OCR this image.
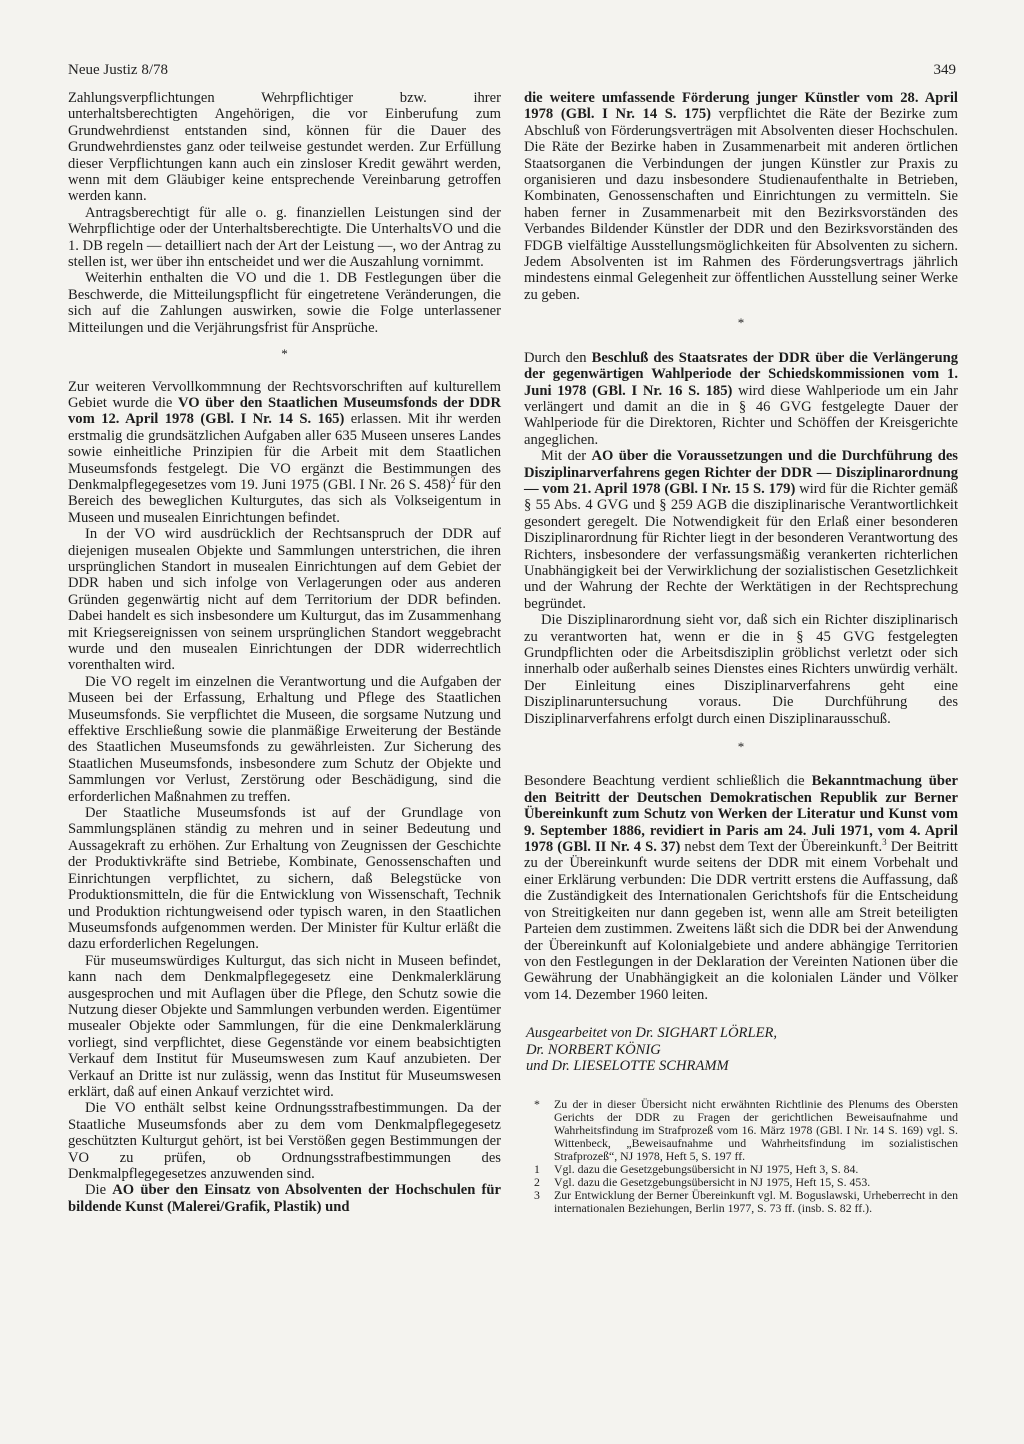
Neue Justiz 8/78	349

Zahlungsverpflichtungen Wehrpflichtiger bzw. ihrer unterhaltsberechtigten Angehörigen, die vor Einberufung zum Grundwehrdienst entstanden sind, können für die Dauer des Grundwehrdienstes ganz oder teilweise gestundet werden. Zur Erfüllung dieser Verpflichtungen kann auch ein zinsloser Kredit gewährt werden, wenn mit dem Gläubiger keine entsprechende Vereinbarung getroffen werden kann.

Antragsberechtigt für alle o. g. finanziellen Leistungen sind der Wehrpflichtige oder der Unterhaltsberechtigte. Die UnterhaltsVO und die 1. DB regeln — detailliert nach der Art der Leistung —, wo der Antrag zu stellen ist, wer über ihn entscheidet und wer die Auszahlung vornimmt.

Weiterhin enthalten die VO und die 1. DB Festlegungen über die Beschwerde, die Mitteilungspflicht für eingetretene Veränderungen, die sich auf die Zahlungen auswirken, sowie die Folge unterlassener Mitteilungen und die Verjährungsfrist für Ansprüche.

*

Zur weiteren Vervollkommnung der Rechtsvorschriften auf kulturellem Gebiet wurde die VO über den Staatlichen Museumsfonds der DDR vom 12. April 1978 (GBl. I Nr. 14 S. 165) erlassen. Mit ihr werden erstmalig die grundsätzlichen Aufgaben aller 635 Museen unseres Landes sowie einheitliche Prinzipien für die Arbeit mit dem Staatlichen Museumsfonds festgelegt. Die VO ergänzt die Bestimmungen des Denkmalpflegegesetzes vom 19. Juni 1975 (GBl. I Nr. 26 S. 458)$^2$ für den Bereich des beweglichen Kulturgutes, das sich als Volkseigentum in Museen und musealen Einrichtungen befindet.

In der VO wird ausdrücklich der Rechtsanspruch der DDR auf diejenigen musealen Objekte und Sammlungen unterstrichen, die ihren ursprünglichen Standort in musealen Einrichtungen auf dem Gebiet der DDR haben und sich infolge von Verlagerungen oder aus anderen Gründen gegenwärtig nicht auf dem Territorium der DDR befinden. Dabei handelt es sich insbesondere um Kulturgut, das im Zusammenhang mit Kriegsereignissen von seinem ursprünglichen Standort weggebracht wurde und den musealen Einrichtungen der DDR widerrechtlich vorenthalten wird.

Die VO regelt im einzelnen die Verantwortung und die Aufgaben der Museen bei der Erfassung, Erhaltung und Pflege des Staatlichen Museumsfonds. Sie verpflichtet die Museen, die sorgsame Nutzung und effektive Erschließung sowie die planmäßige Erweiterung der Bestände des Staatlichen Museumsfonds zu gewährleisten. Zur Sicherung des Staatlichen Museumsfonds, insbesondere zum Schutz der Objekte und Sammlungen vor Verlust, Zerstörung oder Beschädigung, sind die erforderlichen Maßnahmen zu treffen.

Der Staatliche Museumsfonds ist auf der Grundlage von Sammlungsplänen ständig zu mehren und in seiner Bedeutung und Aussagekraft zu erhöhen. Zur Erhaltung von Zeugnissen der Geschichte der Produktivkräfte sind Betriebe, Kombinate, Genossenschaften und Einrichtungen verpflichtet, zu sichern, daß Belegstücke von Produktionsmitteln, die für die Entwicklung von Wissenschaft, Technik und Produktion richtungweisend oder typisch waren, in den Staatlichen Museumsfonds aufgenommen werden. Der Minister für Kultur erläßt die dazu erforderlichen Regelungen.

Für museumswürdiges Kulturgut, das sich nicht in Museen befindet, kann nach dem Denkmalpflegegesetz eine Denkmalerklärung ausgesprochen und mit Auflagen über die Pflege, den Schutz sowie die Nutzung dieser Objekte und Sammlungen verbunden werden. Eigentümer musealer Objekte oder Sammlungen, für die eine Denkmalerklärung vorliegt, sind verpflichtet, diese Gegenstände vor einem beabsichtigten Verkauf dem Institut für Museumswesen zum Kauf anzubieten. Der Verkauf an Dritte ist nur zulässig, wenn das Institut für Museumswesen erklärt, daß auf einen Ankauf verzichtet wird.

Die VO enthält selbst keine Ordnungsstrafbestimmungen. Da der Staatliche Museumsfonds aber zu dem vom Denkmalpflegegesetz geschützten Kulturgut gehört, ist bei Verstößen gegen Bestimmungen der VO zu prüfen, ob Ordnungsstrafbestimmungen des Denkmalpflegegesetzes anzuwenden sind.

Die AO über den Einsatz von Absolventen der Hochschulen für bildende Kunst (Malerei/Grafik, Plastik) und

die weitere umfassende Förderung junger Künstler vom 28. April 1978 (GBl. I Nr. 14 S. 175) verpflichtet die Räte der Bezirke zum Abschluß von Förderungsverträgen mit Absolventen dieser Hochschulen. Die Räte der Bezirke haben in Zusammenarbeit mit anderen örtlichen Staatsorganen die Verbindungen der jungen Künstler zur Praxis zu organisieren und dazu insbesondere Studienaufenthalte in Betrieben, Kombinaten, Genossenschaften und Einrichtungen zu vermitteln. Sie haben ferner in Zusammenarbeit mit den Bezirksvorständen des Verbandes Bildender Künstler der DDR und den Bezirksvorständen des FDGB vielfältige Ausstellungsmöglichkeiten für Absolventen zu sichern. Jedem Absolventen ist im Rahmen des Förderungsvertrags jährlich mindestens einmal Gelegenheit zur öffentlichen Ausstellung seiner Werke zu geben.

*

Durch den Beschluß des Staatsrates der DDR über die Verlängerung der gegenwärtigen Wahlperiode der Schiedskommissionen vom 1. Juni 1978 (GBl. I Nr. 16 S. 185) wird diese Wahlperiode um ein Jahr verlängert und damit an die in § 46 GVG festgelegte Dauer der Wahlperiode für die Direktoren, Richter und Schöffen der Kreisgerichte angeglichen.

Mit der AO über die Voraussetzungen und die Durchführung des Disziplinarverfahrens gegen Richter der DDR — Disziplinarordnung — vom 21. April 1978 (GBl. I Nr. 15 S. 179) wird für die Richter gemäß § 55 Abs. 4 GVG und § 259 AGB die disziplinarische Verantwortlichkeit gesondert geregelt. Die Notwendigkeit für den Erlaß einer besonderen Disziplinarordnung für Richter liegt in der besonderen Verantwortung des Richters, insbesondere der verfassungsmäßig verankerten richterlichen Unabhängigkeit bei der Verwirklichung der sozialistischen Gesetzlichkeit und der Wahrung der Rechte der Werktätigen in der Rechtsprechung begründet.

Die Disziplinarordnung sieht vor, daß sich ein Richter disziplinarisch zu verantworten hat, wenn er die in § 45 GVG festgelegten Grundpflichten oder die Arbeitsdisziplin gröblichst verletzt oder sich innerhalb oder außerhalb seines Dienstes eines Richters unwürdig verhält. Der Einleitung eines Disziplinarverfahrens geht eine Disziplinaruntersuchung voraus. Die Durchführung des Disziplinarverfahrens erfolgt durch einen Disziplinarausschuß.

*

Besondere Beachtung verdient schließlich die Bekanntmachung über den Beitritt der Deutschen Demokratischen Republik zur Berner Übereinkunft zum Schutz von Werken der Literatur und Kunst vom 9. September 1886, revidiert in Paris am 24. Juli 1971, vom 4. April 1978 (GBl. II Nr. 4 S. 37) nebst dem Text der Übereinkunft.$^3$ Der Beitritt zu der Übereinkunft wurde seitens der DDR mit einem Vorbehalt und einer Erklärung verbunden: Die DDR vertritt erstens die Auffassung, daß die Zuständigkeit des Internationalen Gerichtshofs für die Entscheidung von Streitigkeiten nur dann gegeben ist, wenn alle am Streit beteiligten Parteien dem zustimmen. Zweitens läßt sich die DDR bei der Anwendung der Übereinkunft auf Kolonialgebiete und andere abhängige Territorien von den Festlegungen in der Deklaration der Vereinten Nationen über die Gewährung der Unabhängigkeit an die kolonialen Länder und Völker vom 14. Dezember 1960 leiten.

Ausgearbeitet von Dr. SIGHART LÖRLER,
Dr. NORBERT KÖNIG
und Dr. LIESELOTTE SCHRAMM
*	Zu der in dieser Übersicht nicht erwähnten Richtlinie des Plenums des Obersten Gerichts der DDR zu Fragen der gerichtlichen Beweisaufnahme und Wahrheitsfindung im Strafprozeß vom 16. März 1978 (GBl. I Nr. 14 S. 169) vgl. S. Wittenbeck, „Beweisaufnahme und Wahrheitsfindung im sozialistischen Strafprozeß“, NJ 1978, Heft 5, S. 197 ff.
1	Vgl. dazu die Gesetzgebungsübersicht in NJ 1975, Heft 3, S. 84.
2	Vgl. dazu die Gesetzgebungsübersicht in NJ 1975, Heft 15, S. 453.
3	Zur Entwicklung der Berner Übereinkunft vgl. M. Boguslawski, Urheberrecht in den internationalen Beziehungen, Berlin 1977, S. 73 ff. (insb. S. 82 ff.).
